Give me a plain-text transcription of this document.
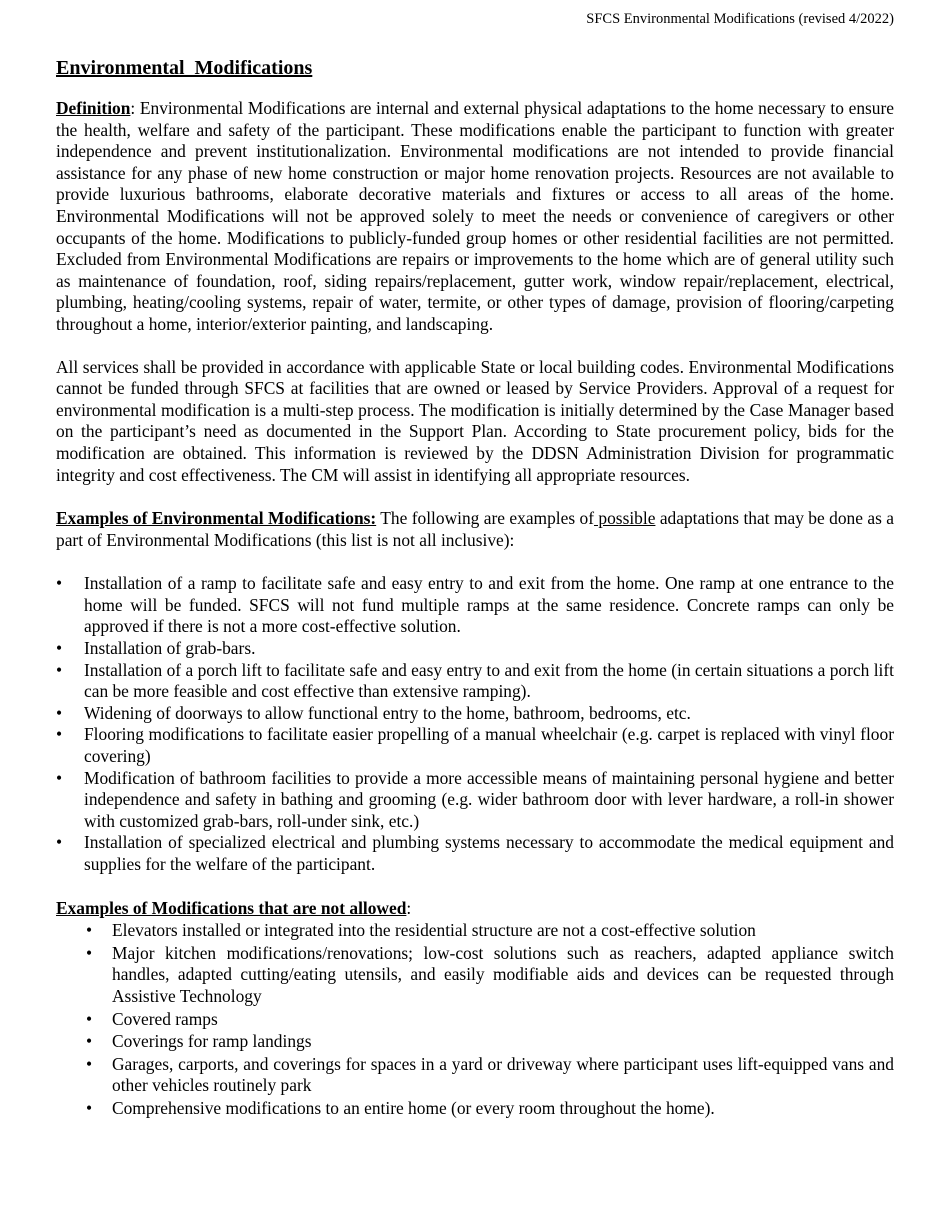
SFCS Environmental Modifications (revised 4/2022)
Environmental  Modifications

Definition: Environmental Modifications are internal and external physical adaptations to the home necessary to ensure the health, welfare and safety of the participant. These modifications enable the participant to function with greater independence and prevent institutionalization. Environmental modifications are not intended to provide financial assistance for any phase of new home construction or major home renovation projects. Resources are not available to provide luxurious bathrooms, elaborate decorative materials and fixtures or access to all areas of the home. Environmental Modifications will not be approved solely to meet the needs or convenience of caregivers or other occupants of the home. Modifications to publicly-funded group homes or other residential facilities are not permitted. Excluded from Environmental Modifications are repairs or improvements to the home which are of general utility such as maintenance of foundation, roof, siding repairs/replacement, gutter work, window repair/replacement, electrical, plumbing, heating/cooling systems, repair of water, termite, or other types of damage, provision of flooring/carpeting throughout a home, interior/exterior painting, and landscaping.

All services shall be provided in accordance with applicable State or local building codes. Environmental Modifications cannot be funded through SFCS at facilities that are owned or leased by Service Providers. Approval of a request for environmental modification is a multi-step process. The modification is initially determined by the Case Manager based on the participant’s need as documented in the Support Plan. According to State procurement policy, bids for the modification are obtained. This information is reviewed by the DDSN Administration Division for programmatic integrity and cost effectiveness. The CM will assist in identifying all appropriate resources.

Examples of Environmental Modifications: The following are examples of possible adaptations that may be done as a part of Environmental Modifications (this list is not all inclusive):

• Installation of a ramp to facilitate safe and easy entry to and exit from the home. One ramp at one entrance to the home will be funded. SFCS will not fund multiple ramps at the same residence. Concrete ramps can only be approved if there is not a more cost-effective solution.
• Installation of grab-bars.
• Installation of a porch lift to facilitate safe and easy entry to and exit from the home (in certain situations a porch lift can be more feasible and cost effective than extensive ramping).
• Widening of doorways to allow functional entry to the home, bathroom, bedrooms, etc.
• Flooring modifications to facilitate easier propelling of a manual wheelchair (e.g. carpet is replaced with vinyl floor covering)
• Modification of bathroom facilities to provide a more accessible means of maintaining personal hygiene and better independence and safety in bathing and grooming (e.g. wider bathroom door with lever hardware, a roll-in shower with customized grab-bars, roll-under sink, etc.)
• Installation of specialized electrical and plumbing systems necessary to accommodate the medical equipment and supplies for the welfare of the participant.

Examples of Modifications that are not allowed:

• Elevators installed or integrated into the residential structure are not a cost-effective solution
• Major kitchen modifications/renovations; low-cost solutions such as reachers, adapted appliance switch handles, adapted cutting/eating utensils, and easily modifiable aids and devices can be requested through Assistive Technology
• Covered ramps
• Coverings for ramp landings
• Garages, carports, and coverings for spaces in a yard or driveway where participant uses lift-equipped vans and other vehicles routinely park
• Comprehensive modifications to an entire home (or every room throughout the home).
